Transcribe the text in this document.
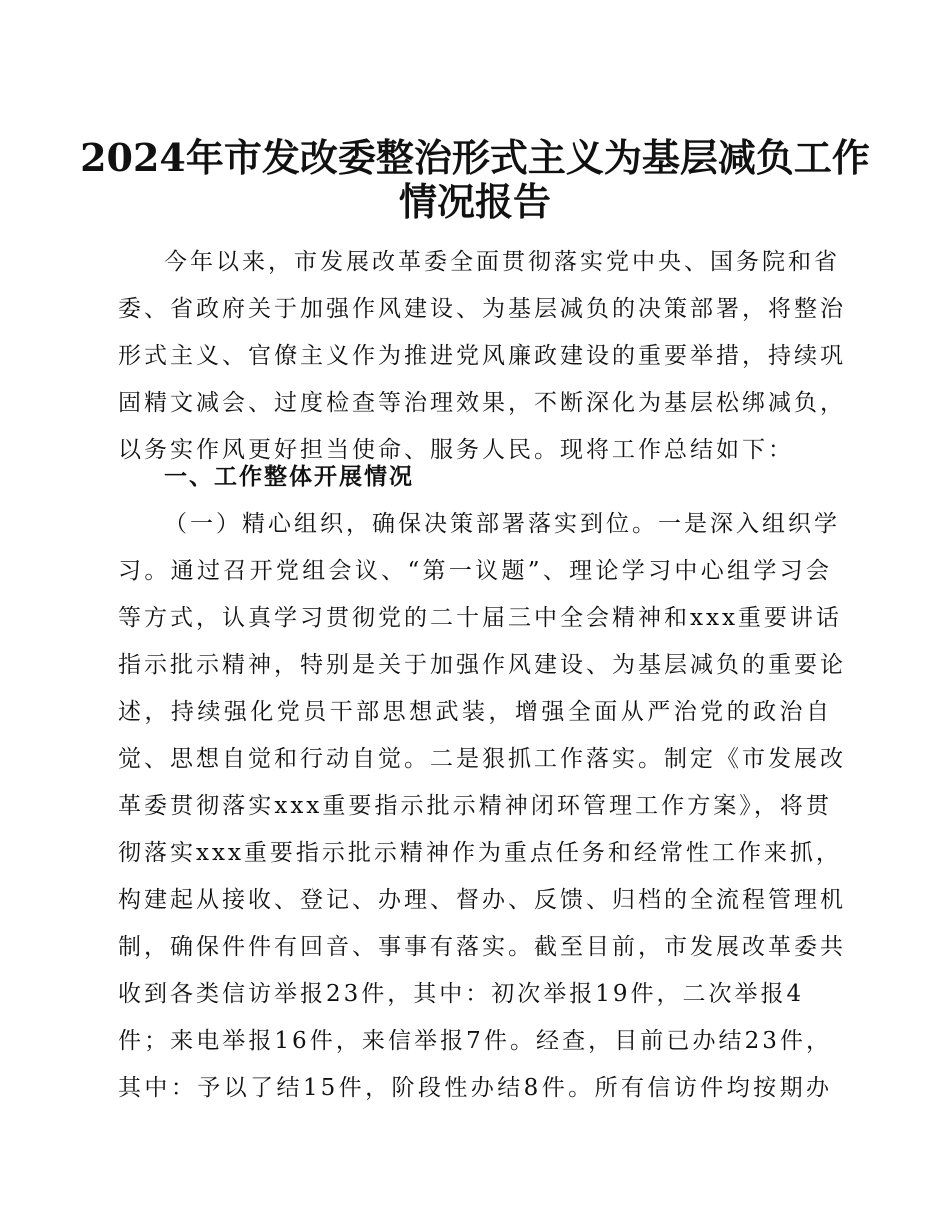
2024年市发改委整治形式主义为基层减负工作
情况报告
今年以来，市发展改革委全面贯彻落实党中央、国务院和省
委、省政府关于加强作风建设、为基层减负的决策部署，将整治
形式主义、官僚主义作为推进党风廉政建设的重要举措，持续巩
固精文减会、过度检查等治理效果，不断深化为基层松绑减负，
以务实作风更好担当使命、服务人民。现将工作总结如下：
一、工作整体开展情况
（一）精心组织，确保决策部署落实到位。一是深入组织学
习。通过召开党组会议、“第一议题”、理论学习中心组学习会
等方式，认真学习贯彻党的二十届三中全会精神和xxx重要讲话
指示批示精神，特别是关于加强作风建设、为基层减负的重要论
述，持续强化党员干部思想武装，增强全面从严治党的政治自
觉、思想自觉和行动自觉。二是狠抓工作落实。制定《市发展改
革委贯彻落实xxx重要指示批示精神闭环管理工作方案》，将贯
彻落实xxx重要指示批示精神作为重点任务和经常性工作来抓，
构建起从接收、登记、办理、督办、反馈、归档的全流程管理机
制，确保件件有回音、事事有落实。截至目前，市发展改革委共
收到各类信访举报23件，其中：初次举报19件，二次举报4
件；来电举报16件，来信举报7件。经查，目前已办结23件，
其中：予以了结15件，阶段性办结8件。所有信访件均按期办
